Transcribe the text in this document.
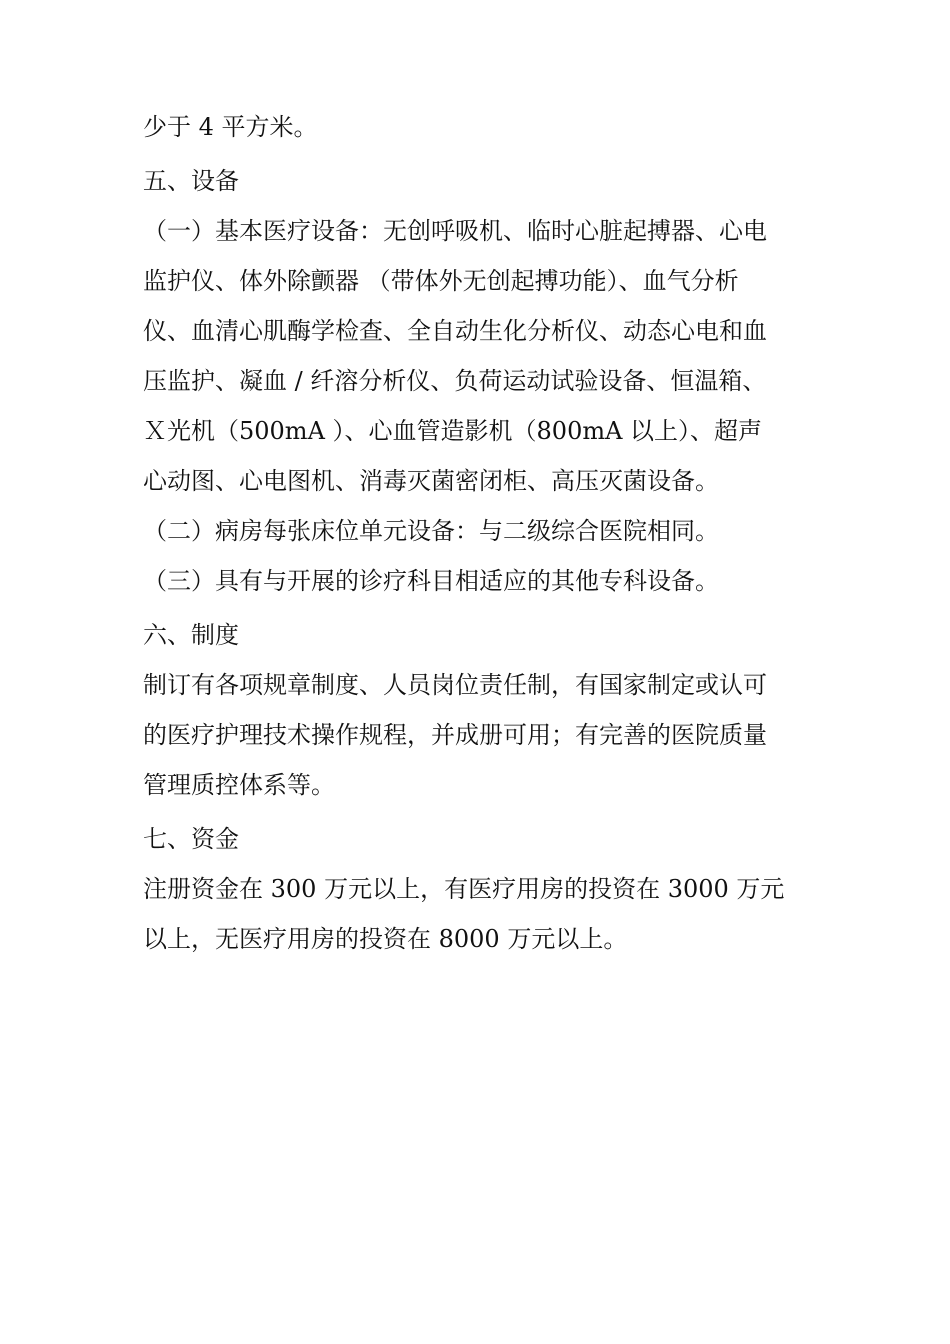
少于 4 平方米。

五、设备

（一）基本医疗设备：无创呼吸机、临时心脏起搏器、心电

监护仪、体外除颤器 （带体外无创起搏功能）、血气分析

仪、血清心肌酶学检查、全自动生化分析仪、动态心电和血

压监护、凝血 / 纤溶分析仪、负荷运动试验设备、恒温箱、

Ｘ光机（500mA ）、心血管造影机（800mA 以上）、超声

心动图、心电图机、消毒灭菌密闭柜、高压灭菌设备。

（二）病房每张床位单元设备：与二级综合医院相同。

（三）具有与开展的诊疗科目相适应的其他专科设备。

六、制度

制订有各项规章制度、人员岗位责任制，有国家制定或认可

的医疗护理技术操作规程，并成册可用；有完善的医院质量

管理质控体系等。

七、资金

注册资金在 300 万元以上，有医疗用房的投资在 3000 万元

以上，无医疗用房的投资在 8000 万元以上。
